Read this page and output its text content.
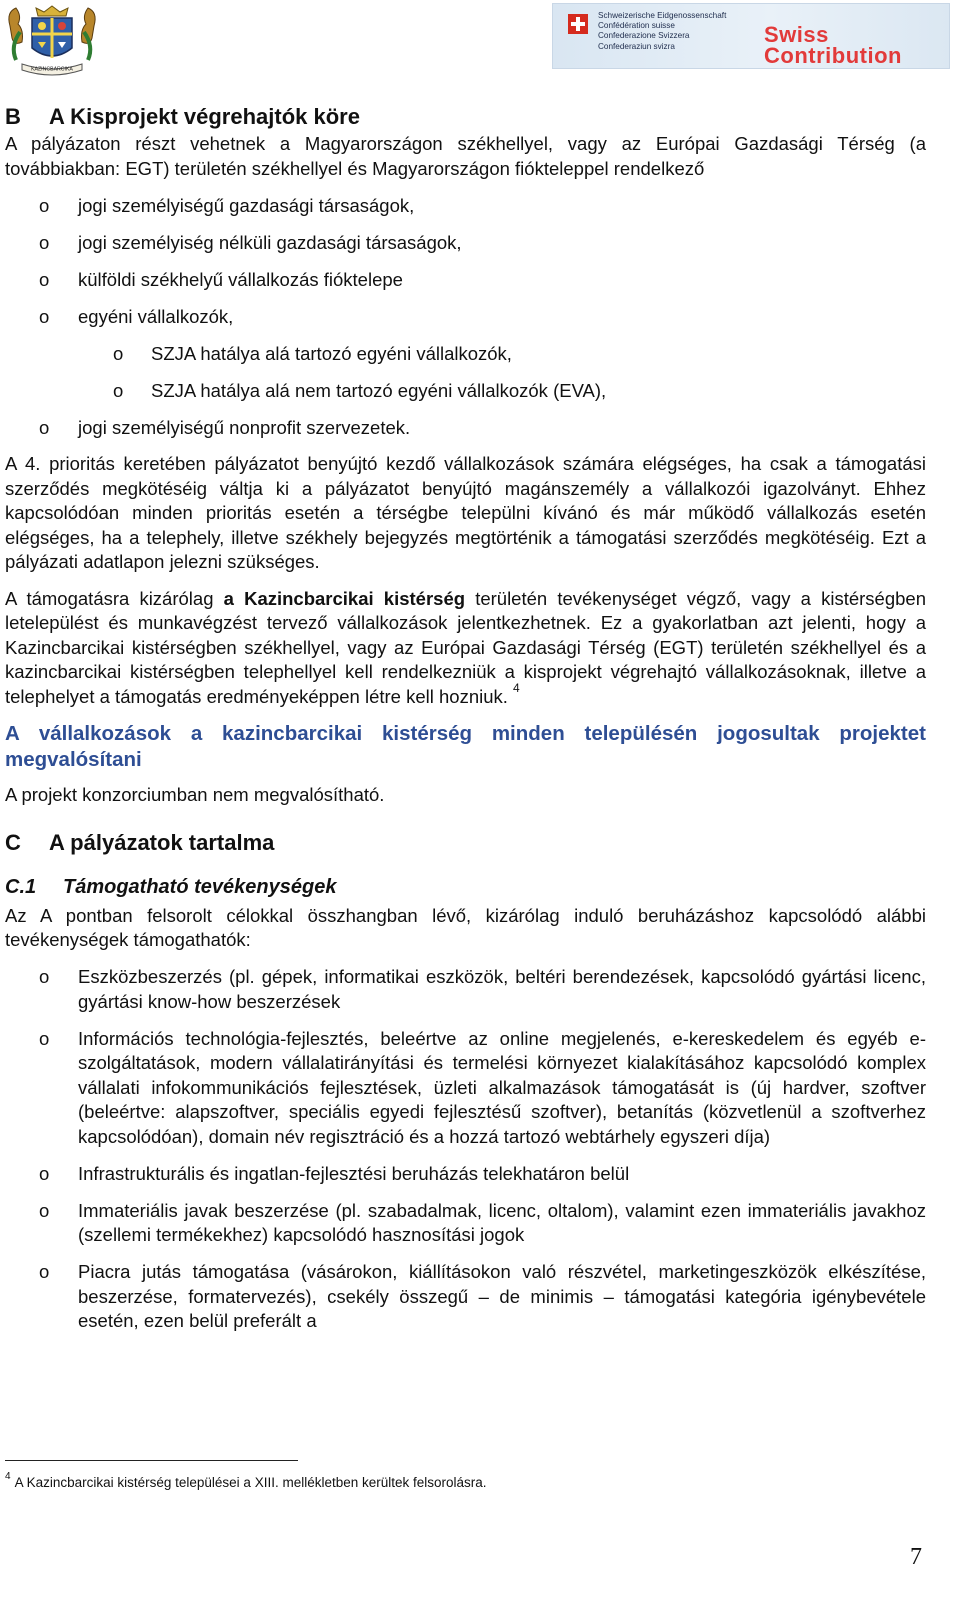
KAZINCBARCIKA
Schweizerische Eidgenossenschaft
Confédération suisse
Confederazione Svizzera
Confederaziun svizra	Swiss
Contribution
B A Kisprojekt végrehajtók köre

A pályázaton részt vehetnek a Magyarországon székhellyel, vagy az Európai Gazdasági Térség (a továbbiakban: EGT) területén székhellyel és Magyarországon fióktelеppel rendelkező

o jogi személyiségű gazdasági társaságok,
o jogi személyiség nélküli gazdasági társaságok,
o külföldi székhelyű vállalkozás fióktelepe
o egyéni vállalkozók,
o SZJA hatálya alá tartozó egyéni vállalkozók,
o SZJA hatálya alá nem tartozó egyéni vállalkozók (EVA),
o jogi személyiségű nonprofit szervezetek.

A 4. prioritás keretében pályázatot benyújtó kezdő vállalkozások számára elégséges, ha csak a támogatási szerződés megkötéséig váltja ki a pályázatot benyújtó magánszemély a vállalkozói igazolványt. Ehhez kapcsolódóan minden prioritás esetén a térségbe települni kívánó és már működő vállalkozás esetén elégséges, ha a telephely, illetve székhely bejegyzés megtörténik a támogatási szerződés megkötéséig. Ezt a pályázati adatlapon jelezni szükséges.

A támogatásra kizárólag a Kazincbarcikai kistérség területén tevékenységet végző, vagy a kistérségben letelepülést és munkavégzést tervező vállalkozások jelentkezhetnek. Ez a gyakorlatban azt jelenti, hogy a Kazincbarcikai kistérségben székhellyel, vagy az Európai Gazdasági Térség (EGT) területén székhellyel és a kazincbarcikai kistérségben telephellyel kell rendelkezniük a kisprojekt végrehajtó vállalkozásoknak, illetve a telephelyet a támogatás eredményeképpen létre kell hozniuk. $^4$

A vállalkozások a kazincbarcikai kistérség minden településén jogosultak projektet megvalósítani

A projekt konzorciumban nem megvalósítható.

C A pályázatok tartalma
C.1 Támogatható tevékenységek

Az A pontban felsorolt célokkal összhangban lévő, kizárólag induló beruházáshoz kapcsolódó alábbi tevékenységek támogathatók:

o Eszközbeszerzés (pl. gépek, informatikai eszközök, beltéri berendezések, kapcsolódó gyártási licenc, gyártási know-how beszerzések
o Információs technológia-fejlesztés, beleértve az online megjelenés, e-kereskedelem és egyéb e-szolgáltatások, modern vállalatirányítási és termelési környezet kialakításához kapcsolódó komplex vállalati infokommunikációs fejlesztések, üzleti alkalmazások támogatását is (új hardver, szoftver (beleértve: alapszoftver, speciális egyedi fejlesztésű szoftver), betanítás (közvetlenül a szoftverhez kapcsolódóan), domain név regisztráció és a hozzá tartozó webtárhely egyszeri díja)
o Infrastrukturális és ingatlan-fejlesztési beruházás telekhatáron belül
o Immateriális javak beszerzése (pl. szabadalmak, licenc, oltalom), valamint ezen immateriális javakhoz (szellemi termékekhez) kapcsolódó hasznosítási jogok
o Piacra jutás támogatása (vásárokon, kiállításokon való részvétel, marketingeszközök elkészítése, beszerzése, formatervezés), csekély összegű – de minimis – támogatási kategória igénybevétele esetén, ezen belül preferált a
$^4$ A Kazincbarcikai kistérség települései a XIII. mellékletben kerültek felsorolásra.
7
